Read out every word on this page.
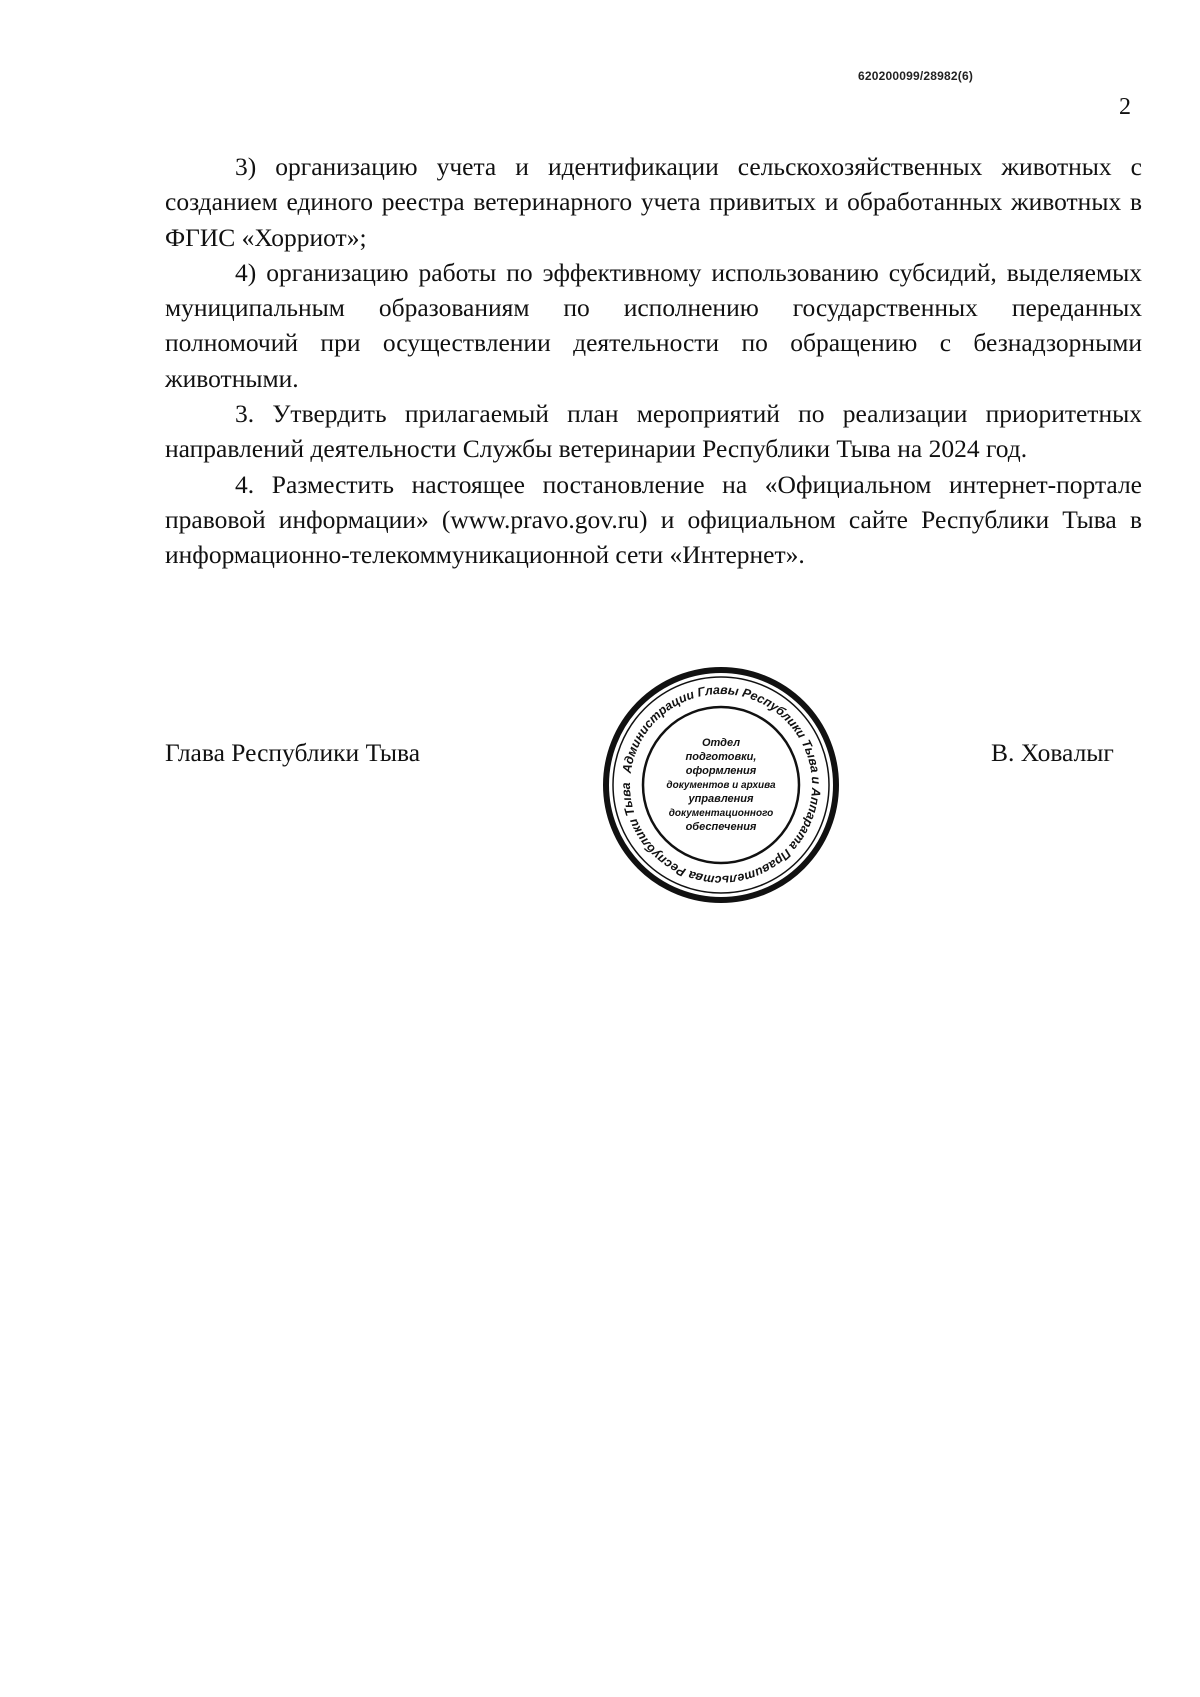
620200099/28982(6)
2

3) организацию учета и идентификации сельскохозяйственных животных с созданием единого реестра ветеринарного учета привитых и обработанных животных в ФГИС «Хорриот»;

4) организацию работы по эффективному использованию субсидий, выделяемых муниципальным образованиям по исполнению государственных переданных полномочий при осуществлении деятельности по обращению с безнадзорными животными.

3. Утвердить прилагаемый план мероприятий по реализации приоритетных направлений деятельности Службы ветеринарии Республики Тыва на 2024 год.

4. Разместить настоящее постановление на «Официальном интернет-портале правовой информации» (www.pravo.gov.ru) и официальном сайте Республики Тыва в информационно-телекоммуникационной сети «Интернет».

Глава Республики Тыва	В. Ховалыг
Администрации Главы Республики Тыва и Аппарата Правительства Республики Тыва
Отдел
подготовки,
оформления
документов и архива
управления
документационного
обеспечения
